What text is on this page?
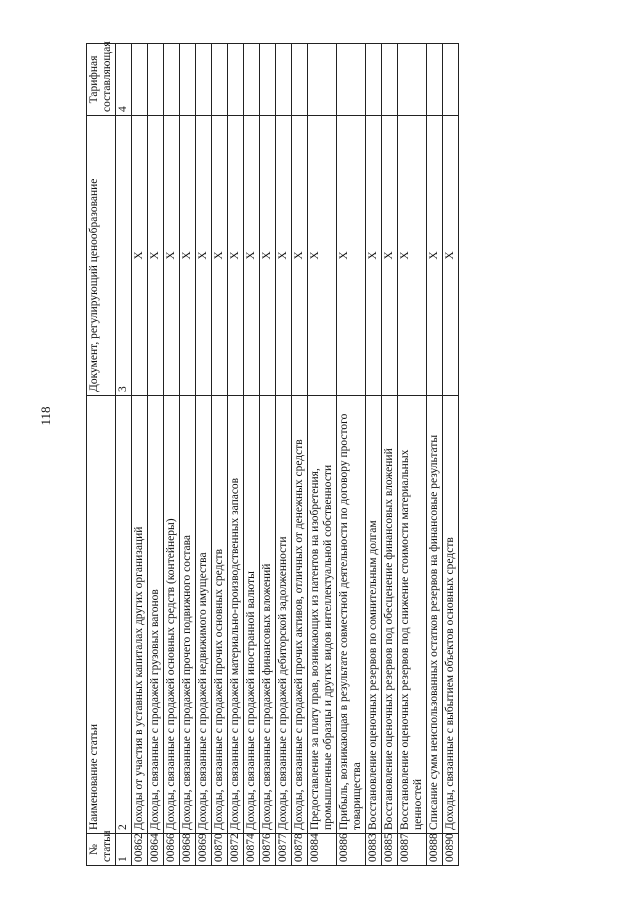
118
№ статьи	Наименование статьи	Документ, регулирующий ценообразование	Тарифная составляющая
1	2	3	4
00862	Доходы от участия в уставных капиталах других организаций	X	
00864	Доходы, связанные с продажей грузовых вагонов	X	
00866	Доходы, связанные с продажей основных средств (контейнеры)	X	
00868	Доходы, связанные с продажей прочего подвижного состава	X	
00869	Доходы, связанные с продажей недвижимого имущества	X	
00870	Доходы, связанные с продажей прочих основных средств	X	
00872	Доходы, связанные с продажей материально-производственных запасов	X	
00874	Доходы, связанные с продажей иностранной валюты	X	
00876	Доходы, связанные с продажей финансовых вложений	X	
00877	Доходы, связанные с продажей дебиторской задолженности	X	
00878	Доходы, связанные с продажей прочих активов, отличных от денежных средств	X	
00884	Предоставление за плату прав, возникающих из патентов на изобретения, промышленные образцы и других видов интеллектуальной собственности	X	
00886	Прибыль, возникающая в результате совместной деятельности по договору простого товарищества	X	
00883	Восстановление оценочных резервов по сомнительным долгам	X	
00885	Восстановление оценочных резервов под обесценение финансовых вложений	X	
00887	Восстановление оценочных резервов под снижение стоимости материальных ценностей	X	
00888	Списание сумм неиспользованных остатков резервов на финансовые результаты	X	
00890	Доходы, связанные с выбытием объектов основных средств	X	
